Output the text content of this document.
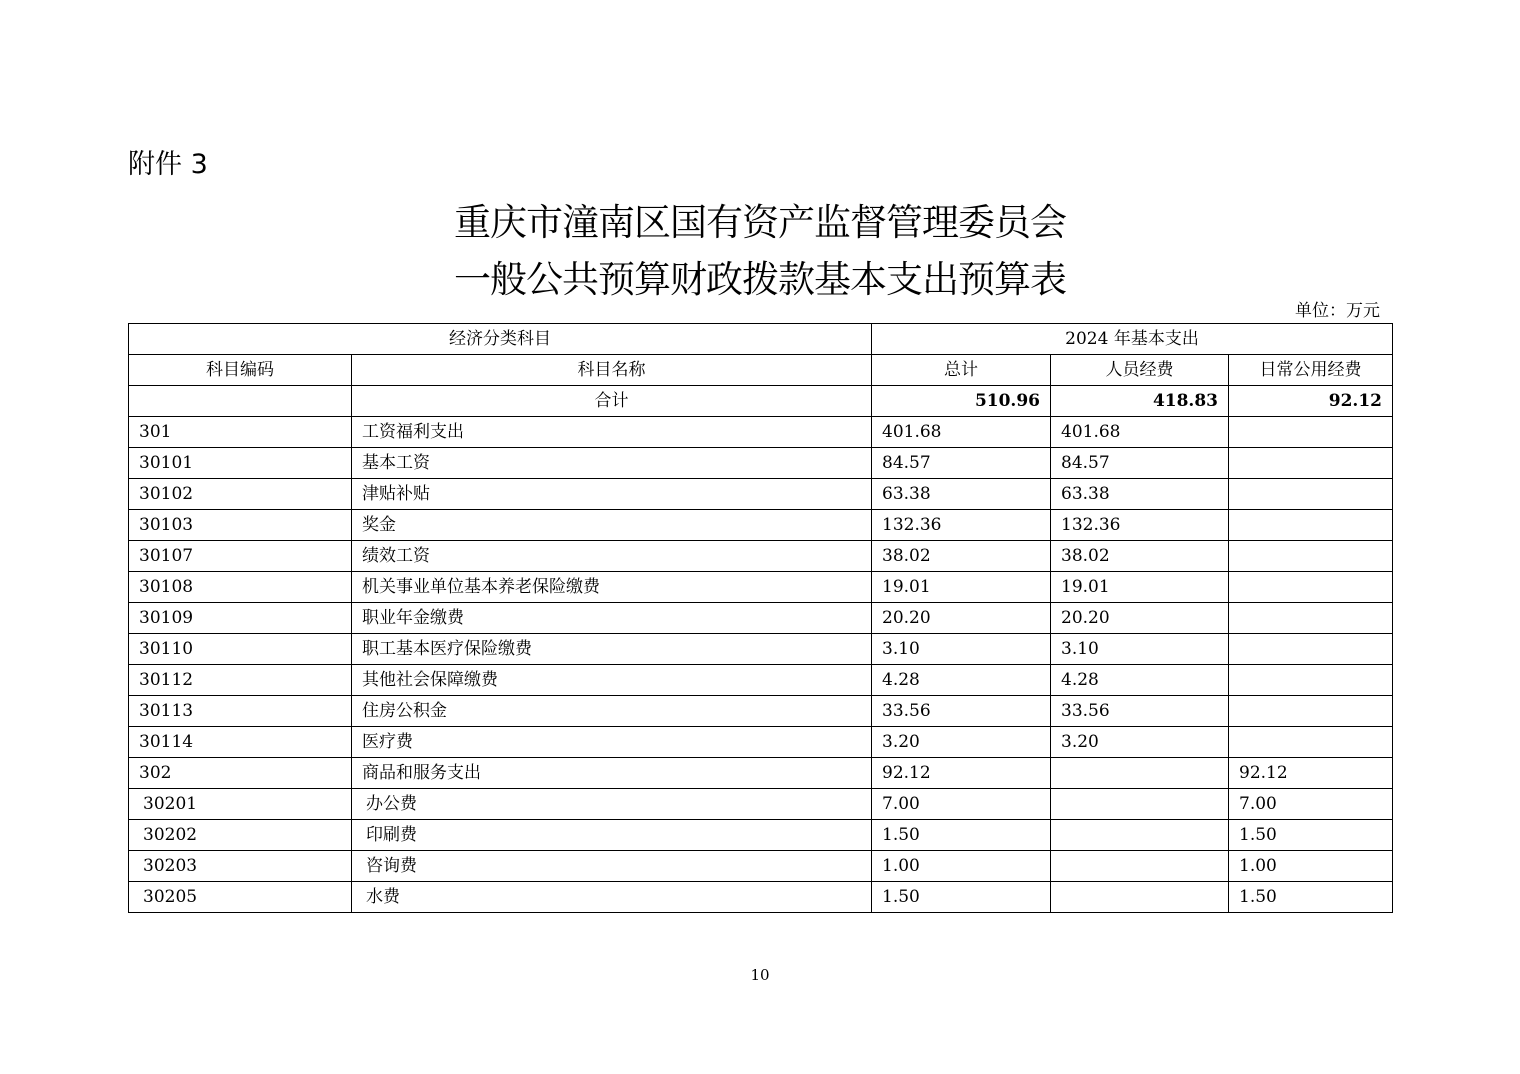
附件 3
重庆市潼南区国有资产监督管理委员会
一般公共预算财政拨款基本支出预算表
单位：万元
经济分类科目		2024 年基本支出		
科目编码	科目名称	总计	人员经费	日常公用经费
	合计	510.96	418.83	92.12
301	工资福利支出	401.68	401.68	
30101	基本工资	84.57	84.57	
30102	津贴补贴	63.38	63.38	
30103	奖金	132.36	132.36	
30107	绩效工资	38.02	38.02	
30108	机关事业单位基本养老保险缴费	19.01	19.01	
30109	职业年金缴费	20.20	20.20	
30110	职工基本医疗保险缴费	3.10	3.10	
30112	其他社会保障缴费	4.28	4.28	
30113	住房公积金	33.56	33.56	
30114	医疗费	3.20	3.20	
302	商品和服务支出	92.12		92.12
30201	办公费	7.00		7.00
30202	印刷费	1.50		1.50
30203	咨询费	1.00		1.00
30205	水费	1.50		1.50
10
